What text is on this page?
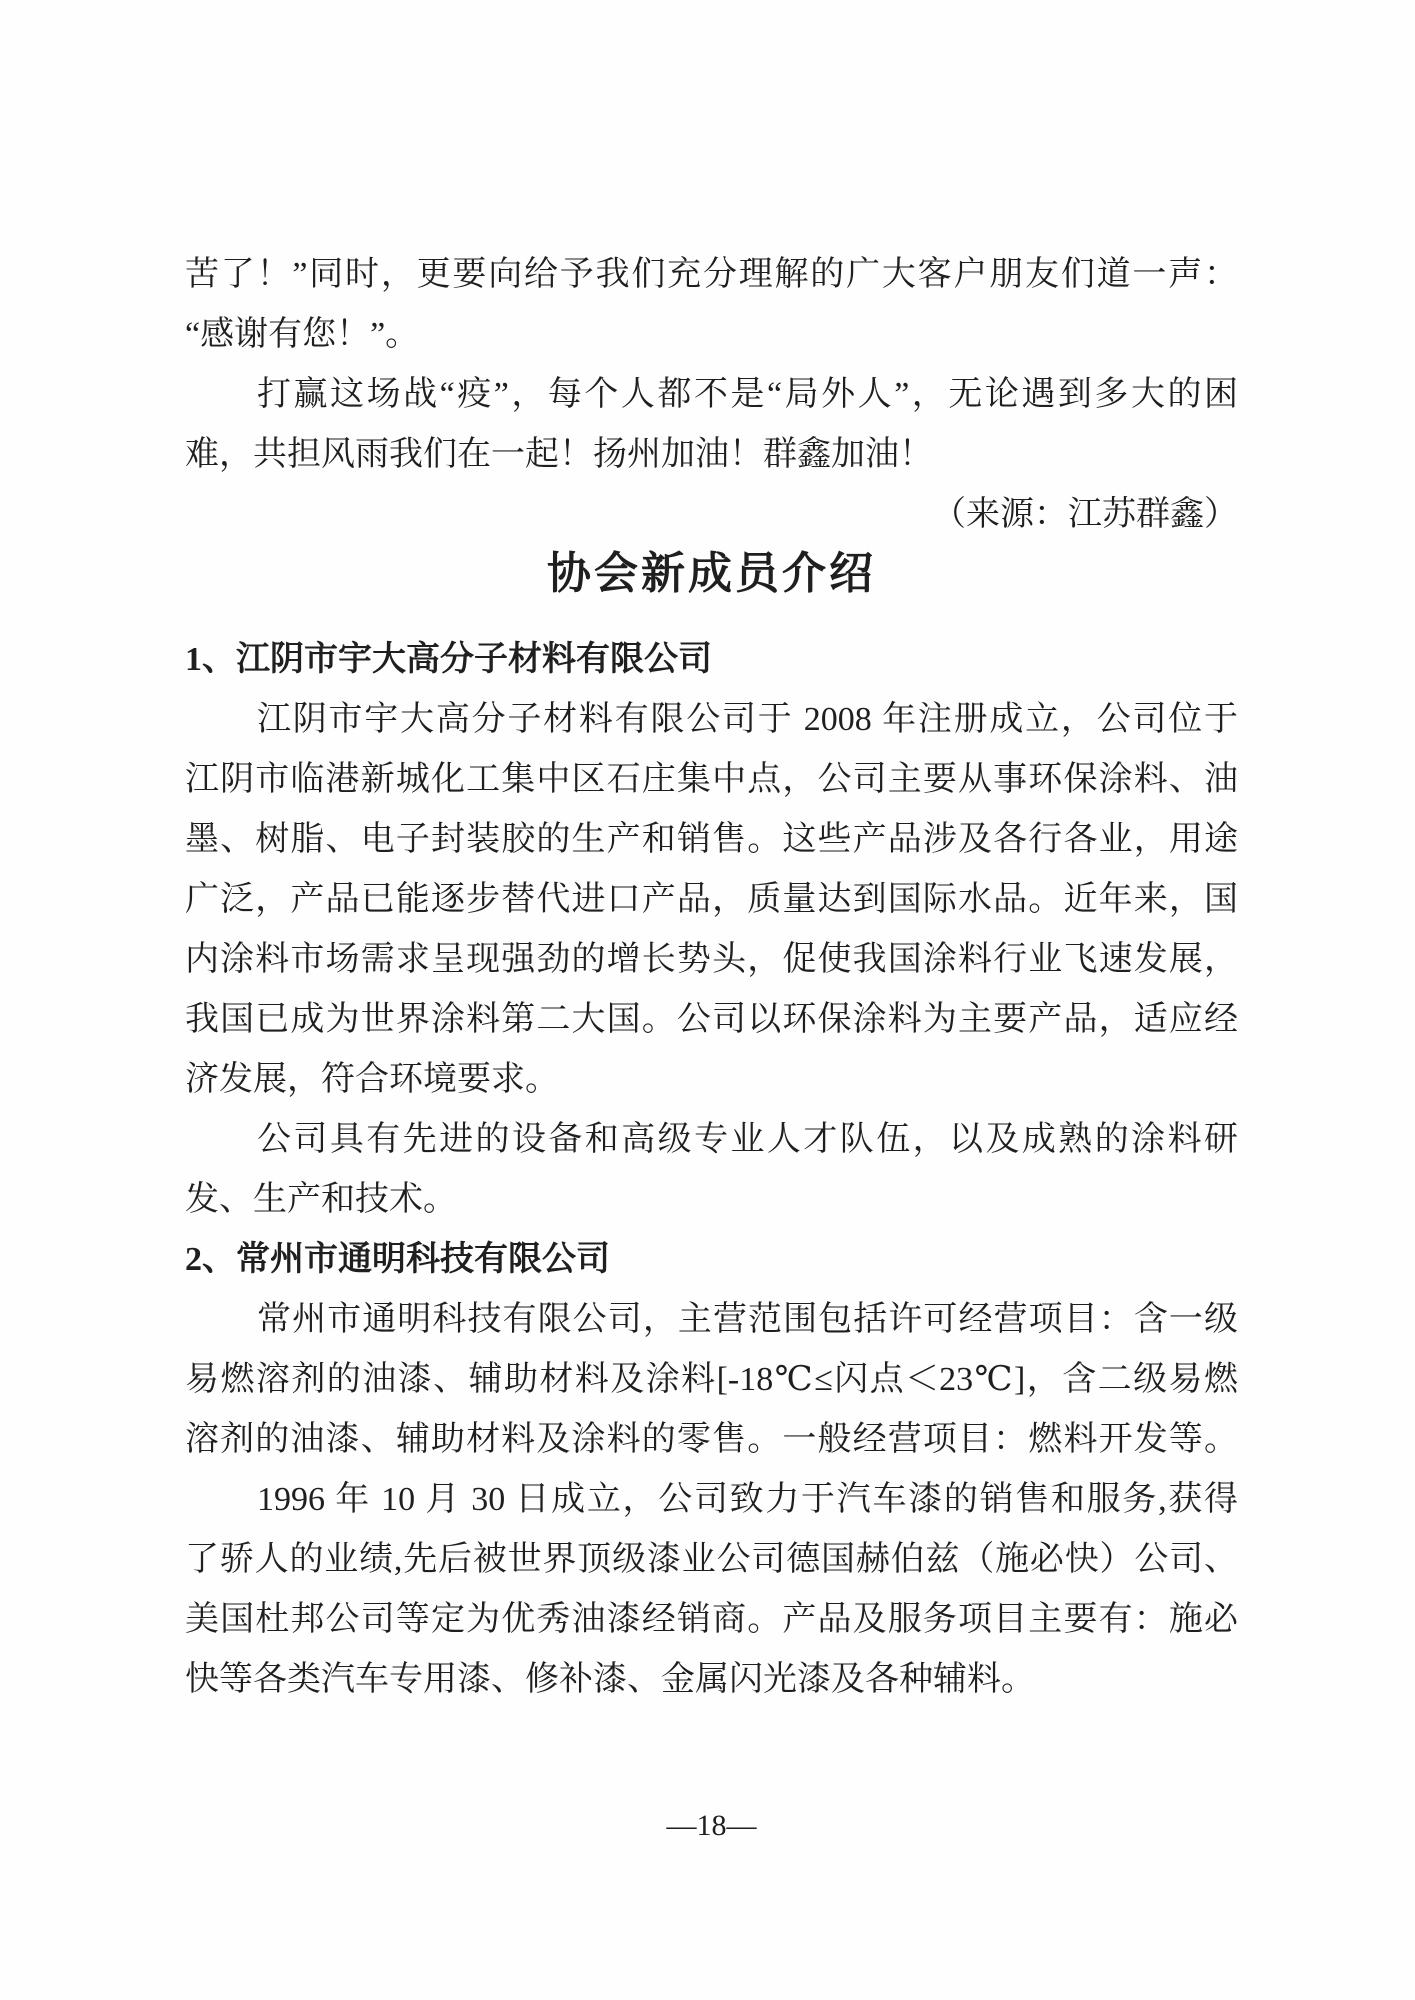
苦了！”同时，更要向给予我们充分理解的广大客户朋友们道一声：
“感谢有您！”。
打赢这场战“疫”，每个人都不是“局外人”，无论遇到多大的困
难，共担风雨我们在一起！扬州加油！群鑫加油！
（来源：江苏群鑫）
协会新成员介绍
1、江阴市宇大高分子材料有限公司
江阴市宇大高分子材料有限公司于 2008 年注册成立，公司位于
江阴市临港新城化工集中区石庄集中点，公司主要从事环保涂料、油
墨、树脂、电子封装胶的生产和销售。这些产品涉及各行各业，用途
广泛，产品已能逐步替代进口产品，质量达到国际水品。近年来，国
内涂料市场需求呈现强劲的增长势头，促使我国涂料行业飞速发展，
我国已成为世界涂料第二大国。公司以环保涂料为主要产品，适应经
济发展，符合环境要求。
公司具有先进的设备和高级专业人才队伍，以及成熟的涂料研
发、生产和技术。
2、常州市通明科技有限公司
常州市通明科技有限公司，主营范围包括许可经营项目：含一级
易燃溶剂的油漆、辅助材料及涂料[-18℃≤闪点＜23℃]，含二级易燃
溶剂的油漆、辅助材料及涂料的零售。一般经营项目：燃料开发等。
1996 年 10 月 30 日成立，公司致力于汽车漆的销售和服务,获得
了骄人的业绩,先后被世界顶级漆业公司德国赫伯兹（施必快）公司、
美国杜邦公司等定为优秀油漆经销商。产品及服务项目主要有：施必
快等各类汽车专用漆、修补漆、金属闪光漆及各种辅料。
—18—
